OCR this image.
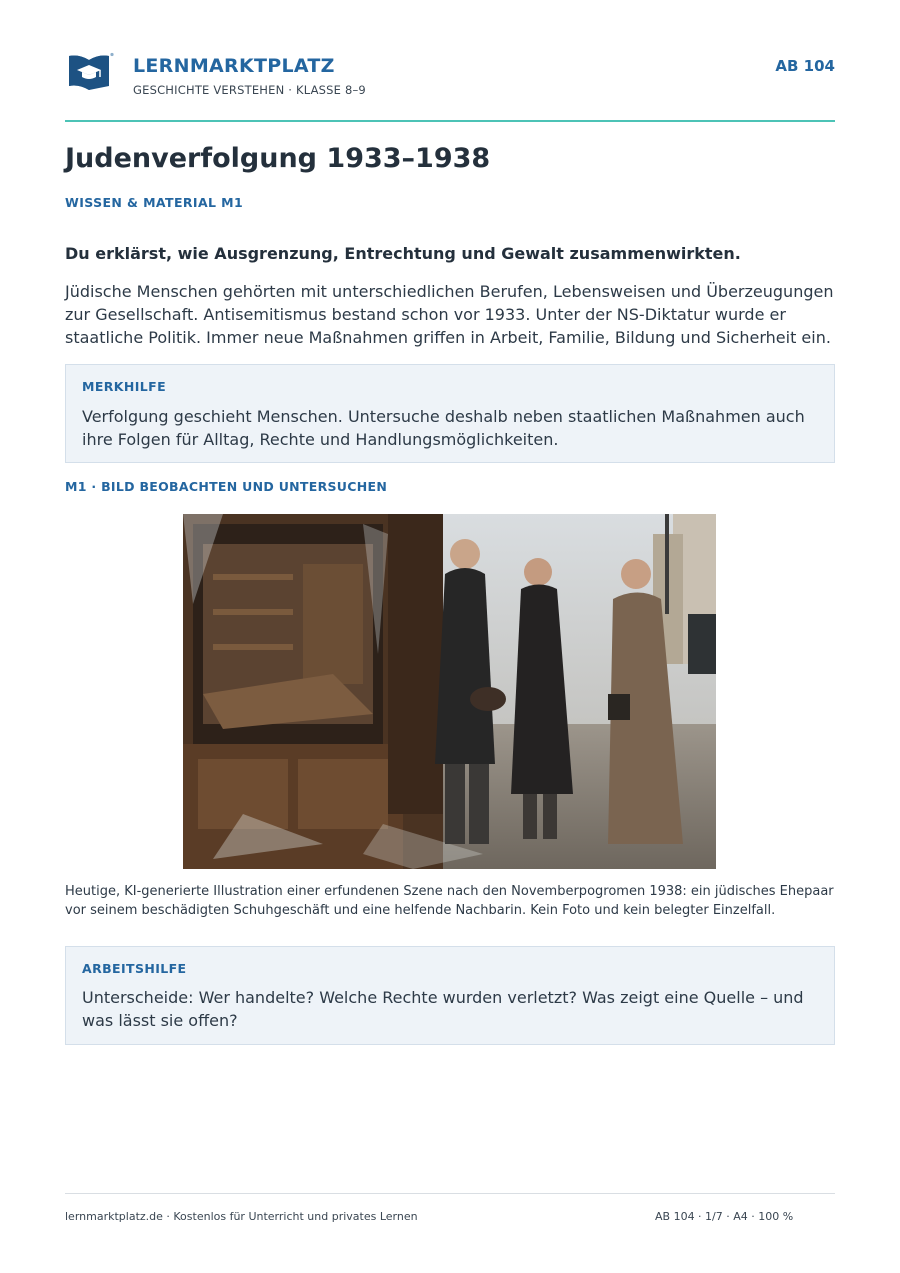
LERNMARKTPLATZ
GESCHICHTE VERSTEHEN · KLASSE 8–9
AB 104
Judenverfolgung 1933–1938
WISSEN & MATERIAL M1
Du erklärst, wie Ausgrenzung, Entrechtung und Gewalt zusammenwirkten.

Jüdische Menschen gehörten mit unterschiedlichen Berufen, Lebensweisen und Überzeugungen zur Gesellschaft. Antisemitismus bestand schon vor 1933. Unter der NS-Diktatur wurde er staatliche Politik. Immer neue Maßnahmen griffen in Arbeit, Familie, Bildung und Sicherheit ein.

MERKHILFE

Verfolgung geschieht Menschen. Untersuche deshalb neben staatlichen Maßnahmen auch ihre Folgen für Alltag, Rechte und Handlungsmöglichkeiten.

M1 · BILD BEOBACHTEN UND UNTERSUCHEN

Heutige, KI-generierte Illustration einer erfundenen Szene nach den Novemberpogromen 1938: ein jüdisches Ehepaar vor seinem beschädigten Schuhgeschäft und eine helfende Nachbarin. Kein Foto und kein belegter Einzelfall.

ARBEITSHILFE

Unterscheide: Wer handelte? Welche Rechte wurden verletzt? Was zeigt eine Quelle – und was lässt sie offen?

lernmarktplatz.de · Kostenlos für Unterricht und privates Lernen	AB 104 · 1/7 · A4 · 100 %
